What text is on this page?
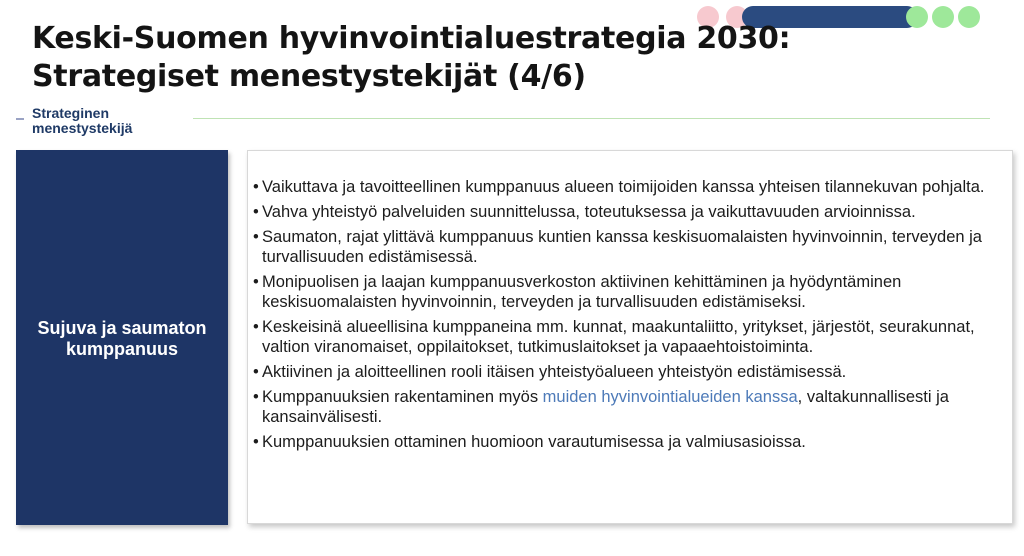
Keski-Suomen hyvinvointialuestrategia 2030:
Strategiset menestystekijät (4/6)
Strateginen
menestystekijä
Sujuva ja saumaton kumppanuus
• Vaikuttava ja tavoitteellinen kumppanuus alueen toimijoiden kanssa yhteisen tilannekuvan pohjalta.
• Vahva yhteistyö palveluiden suunnittelussa, toteutuksessa ja vaikuttavuuden arvioinnissa.
• Saumaton, rajat ylittävä kumppanuus kuntien kanssa keskisuomalaisten hyvinvoinnin, terveyden ja turvallisuuden edistämisessä.
• Monipuolisen ja laajan kumppanuusverkoston aktiivinen kehittäminen ja hyödyntäminen keskisuomalaisten hyvinvoinnin, terveyden ja turvallisuuden edistämiseksi.
• Keskeisinä alueellisina kumppaneina mm. kunnat, maakuntaliitto, yritykset, järjestöt, seurakunnat, valtion viranomaiset, oppilaitokset, tutkimuslaitokset ja vapaaehtoistoiminta.
• Aktiivinen ja aloitteellinen rooli itäisen yhteistyöalueen yhteistyön edistämisessä.
• Kumppanuuksien rakentaminen myös muiden hyvinvointialueiden kanssa, valtakunnallisesti ja kansainvälisesti.
• Kumppanuuksien ottaminen huomioon varautumisessa ja valmiusasioissa.
